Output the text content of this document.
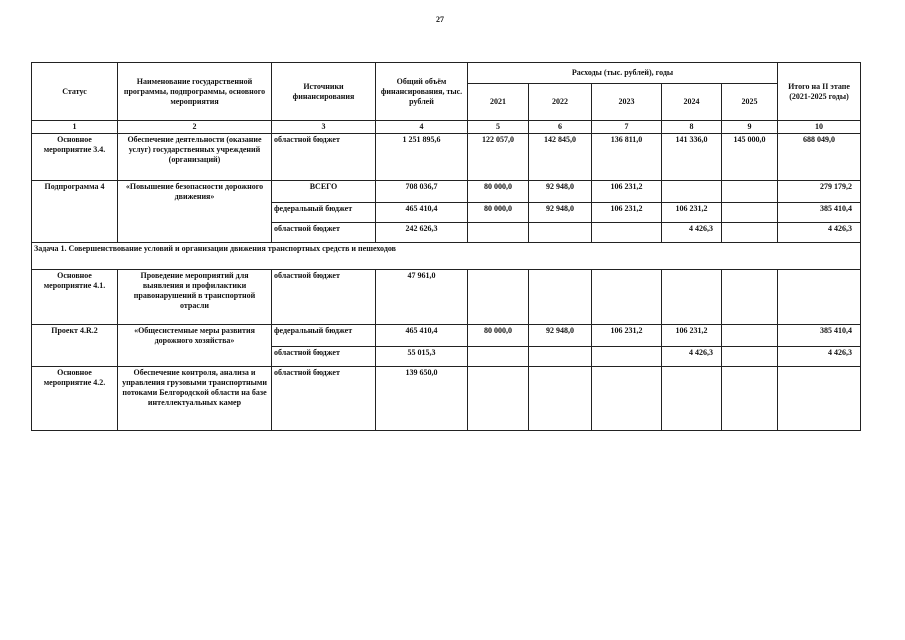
27
Статус	Наименование государственной программы, подпрограммы, основного мероприятия	Источники финансирования	Общий объём финансирования, тыс. рублей	Расходы (тыс. рублей), годы					Итого на II этапе (2021-2025 годы)
				2021	2022	2023	2024	2025	
1	2	3	4	5	6	7	8	9	10
Основное мероприятие 3.4.	Обеспечение деятельности (оказание услуг) государственных учреждений (организаций)	областной бюджет	1 251 895,6	122 057,0	142 845,0	136 811,0	141 336,0	145 000,0	688 049,0
Подпрограмма 4	«Повышение безопасности дорожного движения»	ВСЕГО	708 036,7	80 000,0	92 948,0	106 231,2			279 179,2
		федеральный бюджет	465 410,4	80 000,0	92 948,0	106 231,2	106 231,2		385 410,4
		областной бюджет	242 626,3				4 426,3		4 426,3
Задача 1. Совершенствование условий и организации движения транспортных средств и пешеходов									
Основное мероприятие 4.1.	Проведение мероприятий для выявления и профилактики правонарушений в транспортной отрасли	областной бюджет	47 961,0						
Проект 4.R.2	«Общесистемные меры развития дорожного хозяйства»	федеральный бюджет	465 410,4	80 000,0	92 948,0	106 231,2	106 231,2		385 410,4
		областной бюджет	55 015,3				4 426,3		4 426,3
Основное мероприятие 4.2.	Обеспечение контроля, анализа и управления грузовыми транспортными потоками Белгородской области на базе интеллектуальных камер	областной бюджет	139 650,0						
